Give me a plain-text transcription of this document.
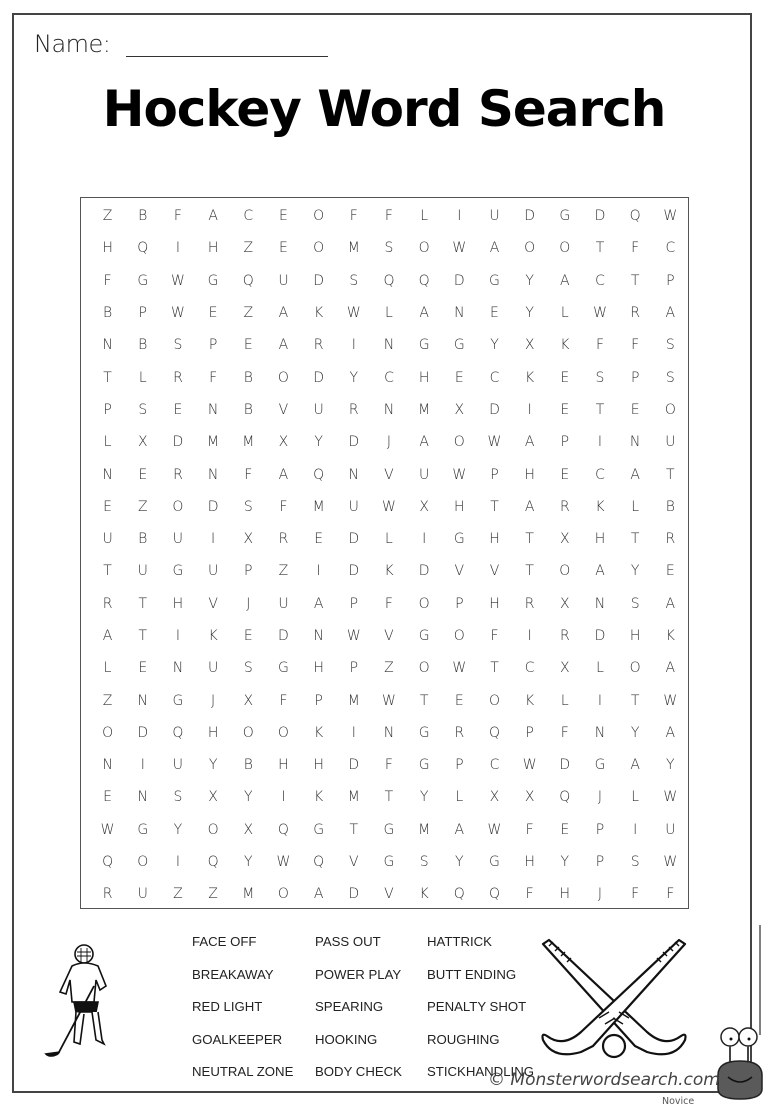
Name:
Hockey Word Search
Z	B	F	A	C	E	O	F	F	L	I	U	D	G	D	Q	W
H	Q	I	H	Z	E	O	M	S	O	W	A	O	O	T	F	C
F	G	W	G	Q	U	D	S	Q	Q	D	G	Y	A	C	T	P
B	P	W	E	Z	A	K	W	L	A	N	E	Y	L	W	R	A
N	B	S	P	E	A	R	I	N	G	G	Y	X	K	F	F	S
T	L	R	F	B	O	D	Y	C	H	E	C	K	E	S	P	S
P	S	E	N	B	V	U	R	N	M	X	D	I	E	T	E	O
L	X	D	M	M	X	Y	D	J	A	O	W	A	P	I	N	U
N	E	R	N	F	A	Q	N	V	U	W	P	H	E	C	A	T
E	Z	O	D	S	F	M	U	W	X	H	T	A	R	K	L	B
U	B	U	I	X	R	E	D	L	I	G	H	T	X	H	T	R
T	U	G	U	P	Z	I	D	K	D	V	V	T	O	A	Y	E
R	T	H	V	J	U	A	P	F	O	P	H	R	X	N	S	A
A	T	I	K	E	D	N	W	V	G	O	F	I	R	D	H	K
L	E	N	U	S	G	H	P	Z	O	W	T	C	X	L	O	A
Z	N	G	J	X	F	P	M	W	T	E	O	K	L	I	T	W
O	D	Q	H	O	O	K	I	N	G	R	Q	P	F	N	Y	A
N	I	U	Y	B	H	H	D	F	G	P	C	W	D	G	A	Y
E	N	S	X	Y	I	K	M	T	Y	L	X	X	Q	J	L	W
W	G	Y	O	X	Q	G	T	G	M	A	W	F	E	P	I	U
Q	O	I	Q	Y	W	Q	V	G	S	Y	G	H	Y	P	S	W
R	U	Z	Z	M	O	A	D	V	K	Q	Q	F	H	J	F	F
FACE OFF
BREAKAWAY
RED LIGHT
GOALKEEPER
NEUTRAL ZONE
PASS OUT
POWER PLAY
SPEARING
HOOKING
BODY CHECK
HATTRICK
BUTT ENDING
PENALTY SHOT
ROUGHING
STICKHANDLING
© Monsterwordsearch.com
Novice
